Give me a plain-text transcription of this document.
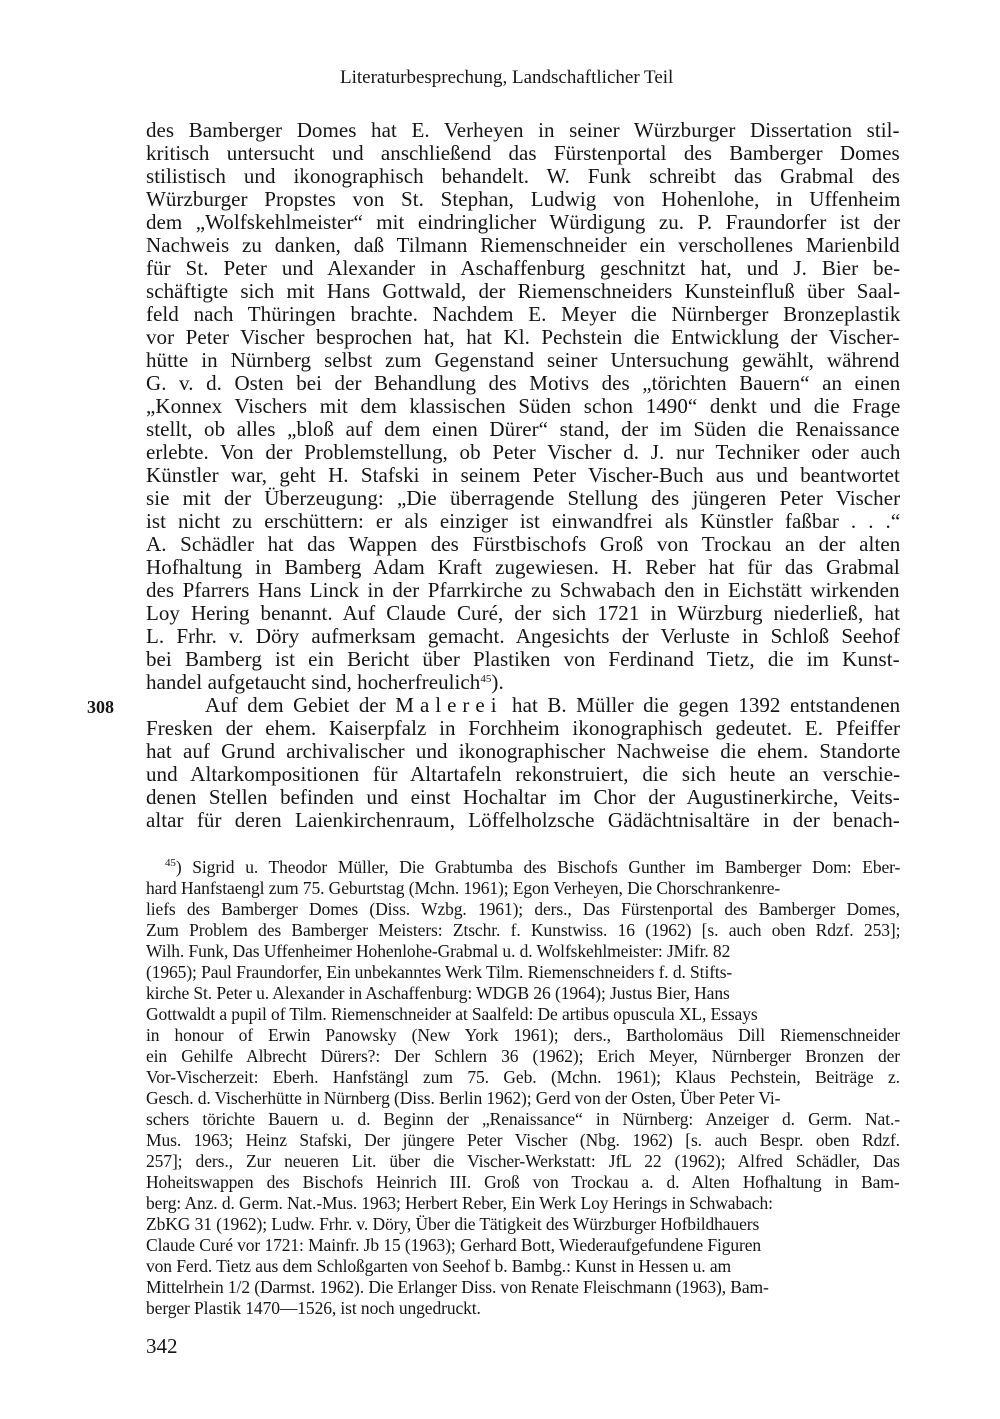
Literaturbesprechung, Landschaftlicher Teil
des Bamberger Domes hat E. Verheyen in seiner Würzburger Dissertation stil-
kritisch untersucht und anschließend das Fürstenportal des Bamberger Domes
stilistisch und ikonographisch behandelt. W. Funk schreibt das Grabmal des
Würzburger Propstes von St. Stephan, Ludwig von Hohenlohe, in Uffenheim
dem „Wolfskehlmeister“ mit eindringlicher Würdigung zu. P. Fraundorfer ist der
Nachweis zu danken, daß Tilmann Riemenschneider ein verschollenes Marienbild
für St. Peter und Alexander in Aschaffenburg geschnitzt hat, und J. Bier be-
schäftigte sich mit Hans Gottwald, der Riemenschneiders Kunsteinfluß über Saal-
feld nach Thüringen brachte. Nachdem E. Meyer die Nürnberger Bronzeplastik
vor Peter Vischer besprochen hat, hat Kl. Pechstein die Entwicklung der Vischer-
hütte in Nürnberg selbst zum Gegenstand seiner Untersuchung gewählt, während
G. v. d. Osten bei der Behandlung des Motivs des „törichten Bauern“ an einen
„Konnex Vischers mit dem klassischen Süden schon 1490“ denkt und die Frage
stellt, ob alles „bloß auf dem einen Dürer“ stand, der im Süden die Renaissance
erlebte. Von der Problemstellung, ob Peter Vischer d. J. nur Techniker oder auch
Künstler war, geht H. Stafski in seinem Peter Vischer-Buch aus und beantwortet
sie mit der Überzeugung: „Die überragende Stellung des jüngeren Peter Vischer
ist nicht zu erschüttern: er als einziger ist einwandfrei als Künstler faßbar . . .“
A. Schädler hat das Wappen des Fürstbischofs Groß von Trockau an der alten
Hofhaltung in Bamberg Adam Kraft zugewiesen. H. Reber hat für das Grabmal
des Pfarrers Hans Linck in der Pfarrkirche zu Schwabach den in Eichstätt wirkenden
Loy Hering benannt. Auf Claude Curé, der sich 1721 in Würzburg niederließ, hat
L. Frhr. v. Döry aufmerksam gemacht. Angesichts der Verluste in Schloß Seehof
bei Bamberg ist ein Bericht über Plastiken von Ferdinand Tietz, die im Kunst-
handel aufgetaucht sind, hocherfreulich$^{45}$).
308	Auf dem Gebiet der Malerei hat B. Müller die gegen 1392 entstandenen
Fresken der ehem. Kaiserpfalz in Forchheim ikonographisch gedeutet. E. Pfeiffer
hat auf Grund archivalischer und ikonographischer Nachweise die ehem. Standorte
und Altarkompositionen für Altartafeln rekonstruiert, die sich heute an verschie-
denen Stellen befinden und einst Hochaltar im Chor der Augustinerkirche, Veits-
altar für deren Laienkirchenraum, Löffelholzsche Gädächtnisaltäre in der benach-
$^{45}$) Sigrid u. Theodor Müller, Die Grabtumba des Bischofs Gunther im Bamberger Dom: Eber-
hard Hanfstaengl zum 75. Geburtstag (Mchn. 1961); Egon Verheyen, Die Chorschrankenre-
liefs des Bamberger Domes (Diss. Wzbg. 1961); ders., Das Fürstenportal des Bamberger Domes,
Zum Problem des Bamberger Meisters: Ztschr. f. Kunstwiss. 16 (1962) [s. auch oben Rdzf. 253];
Wilh. Funk, Das Uffenheimer Hohenlohe-Grabmal u. d. Wolfskehlmeister: JMifr. 82
(1965); Paul Fraundorfer, Ein unbekanntes Werk Tilm. Riemenschneiders f. d. Stifts-
kirche St. Peter u. Alexander in Aschaffenburg: WDGB 26 (1964); Justus Bier, Hans
Gottwaldt a pupil of Tilm. Riemenschneider at Saalfeld: De artibus opuscula XL, Essays
in honour of Erwin Panowsky (New York 1961); ders., Bartholomäus Dill Riemenschneider
ein Gehilfe Albrecht Dürers?: Der Schlern 36 (1962); Erich Meyer, Nürnberger Bronzen der
Vor-Vischerzeit: Eberh. Hanfstängl zum 75. Geb. (Mchn. 1961); Klaus Pechstein, Beiträge z.
Gesch. d. Vischerhütte in Nürnberg (Diss. Berlin 1962); Gerd von der Osten, Über Peter Vi-
schers törichte Bauern u. d. Beginn der „Renaissance“ in Nürnberg: Anzeiger d. Germ. Nat.-
Mus. 1963; Heinz Stafski, Der jüngere Peter Vischer (Nbg. 1962) [s. auch Bespr. oben Rdzf.
257]; ders., Zur neueren Lit. über die Vischer-Werkstatt: JfL 22 (1962); Alfred Schädler, Das
Hoheitswappen des Bischofs Heinrich III. Groß von Trockau a. d. Alten Hofhaltung in Bam-
berg: Anz. d. Germ. Nat.-Mus. 1963; Herbert Reber, Ein Werk Loy Herings in Schwabach:
ZbKG 31 (1962); Ludw. Frhr. v. Döry, Über die Tätigkeit des Würzburger Hofbildhauers
Claude Curé vor 1721: Mainfr. Jb 15 (1963); Gerhard Bott, Wiederaufgefundene Figuren
von Ferd. Tietz aus dem Schloßgarten von Seehof b. Bambg.: Kunst in Hessen u. am
Mittelrhein 1/2 (Darmst. 1962). Die Erlanger Diss. von Renate Fleischmann (1963), Bam-
berger Plastik 1470—1526, ist noch ungedruckt.
342
